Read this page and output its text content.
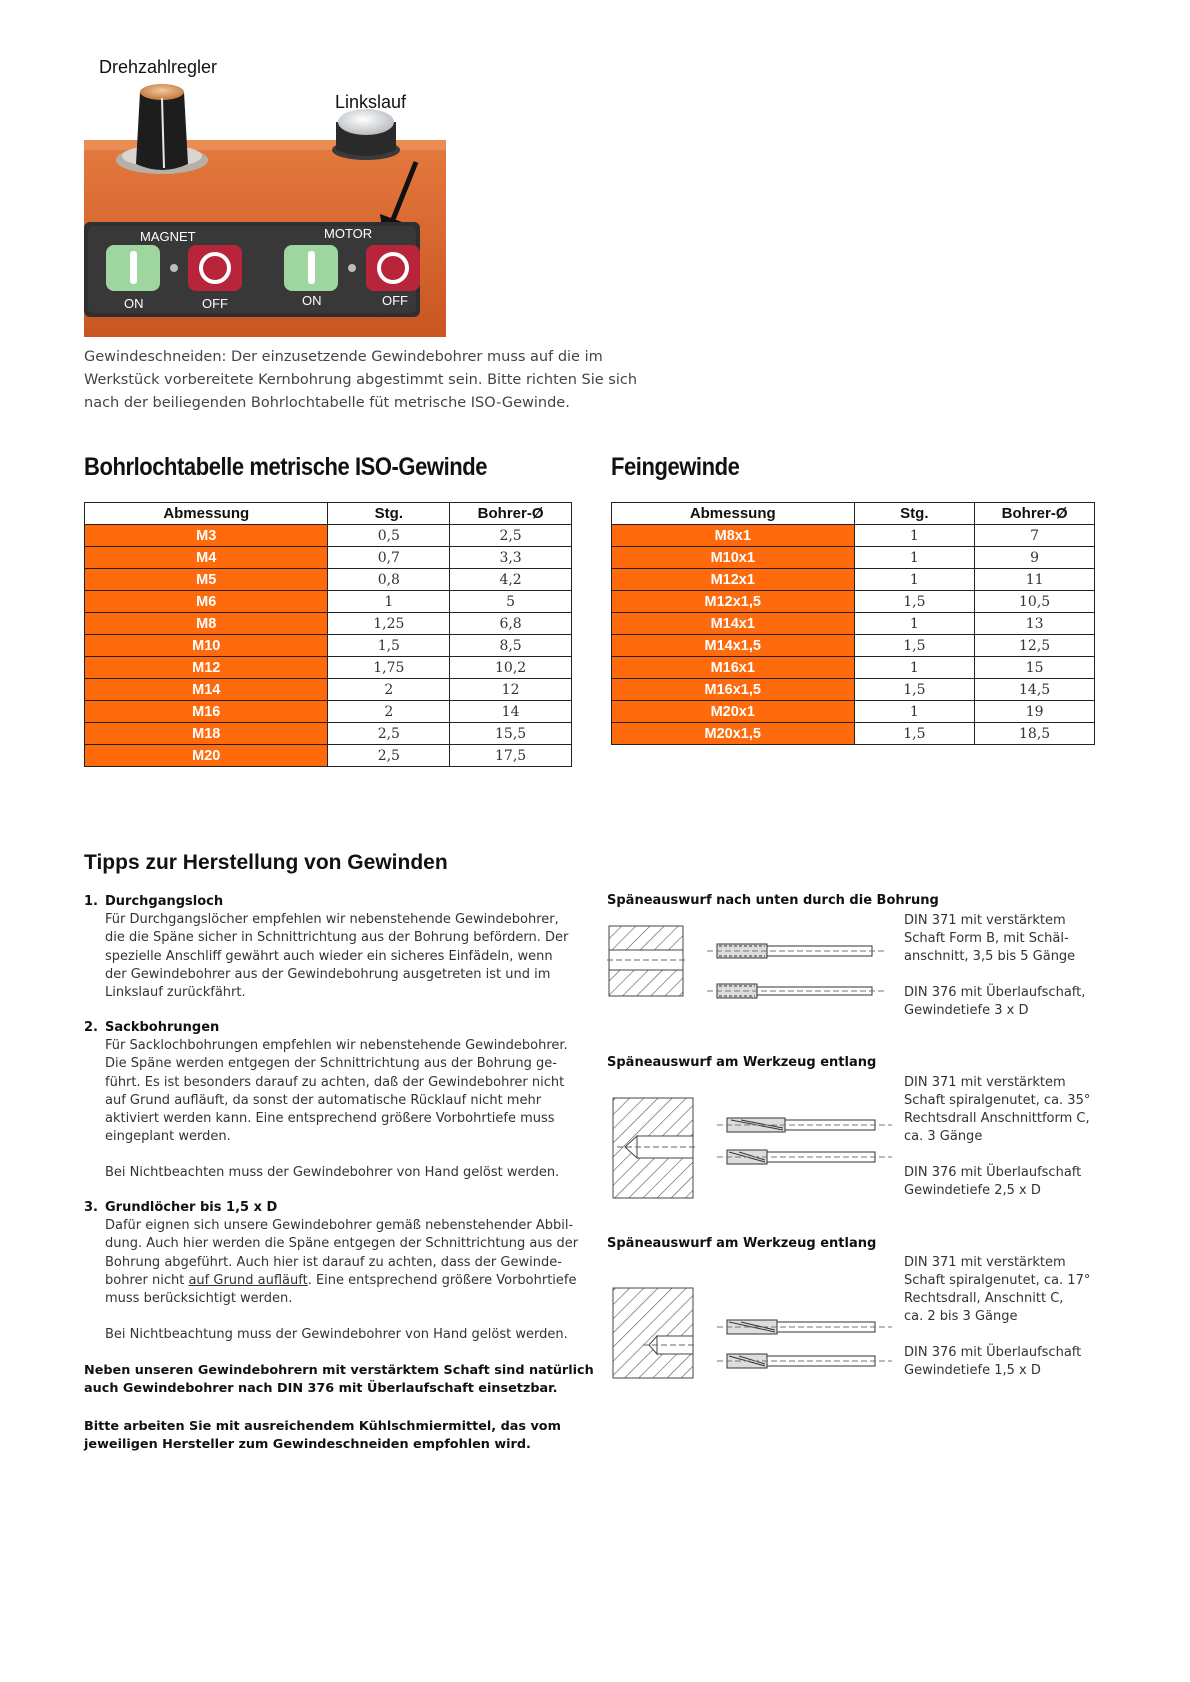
MAGNET	MOTOR
ON	OFF	ON	OFF
Drehzahlregler
Linkslauf
Gewindeschneiden: Der einzusetzende Gewindebohrer muss auf die im
Werkstück vorbereitete Kernbohrung abgestimmt sein. Bitte richten Sie sich
nach der beiliegenden Bohrlochtabelle füt metrische ISO-Gewinde.
Bohrlochtabelle metrische ISO-Gewinde	Feingewinde
Abmessung	Stg.	Bohrer-Ø
M3	0,5	2,5
M4	0,7	3,3
M5	0,8	4,2
M6	1	5
M8	1,25	6,8
M10	1,5	8,5
M12	1,75	10,2
M14	2	12
M16	2	14
M18	2,5	15,5
M20	2,5	17,5
Abmessung	Stg.	Bohrer-Ø
M8x1	1	7
M10x1	1	9
M12x1	1	11
M12x1,5	1,5	10,5
M14x1	1	13
M14x1,5	1,5	12,5
M16x1	1	15
M16x1,5	1,5	14,5
M20x1	1	19
M20x1,5	1,5	18,5
Tipps zur Herstellung von Gewinden
1. Durchgangsloch

Für Durchgangslöcher empfehlen wir nebenstehende Gewindebohrer,

die die Späne sicher in Schnittrichtung aus der Bohrung befördern. Der

spezielle Anschliff gewährt auch wieder ein sicheres Einfädeln, wenn

der Gewindebohrer aus der Gewindebohrung ausgetreten ist und im

Linkslauf zurückfährt.

2. Sackbohrungen

Für Sacklochbohrungen empfehlen wir nebenstehende Gewindebohrer.

Die Späne werden entgegen der Schnittrichtung aus der Bohrung ge-

führt. Es ist besonders darauf zu achten, daß der Gewindebohrer nicht

auf Grund aufläuft, da sonst der automatische Rücklauf nicht mehr

aktiviert werden kann. Eine entsprechend größere Vorbohrtiefe muss

eingeplant werden.

Bei Nichtbeachten muss der Gewindebohrer von Hand gelöst werden.

3. Grundlöcher bis 1,5 x D

Dafür eignen sich unsere Gewindebohrer gemäß nebenstehender Abbil-

dung. Auch hier werden die Späne entgegen der Schnittrichtung aus der

Bohrung abgeführt. Auch hier ist darauf zu achten, dass der Gewinde-

bohrer nicht auf Grund aufläuft. Eine entsprechend größere Vorbohrtiefe

muss berücksichtigt werden.

Bei Nichtbeachtung muss der Gewindebohrer von Hand gelöst werden.

Neben unseren Gewindebohrern mit verstärktem Schaft sind natürlich
auch Gewindebohrer nach DIN 376 mit Überlaufschaft einsetzbar.
Bitte arbeiten Sie mit ausreichendem Kühlschmiermittel, das vom
jeweiligen Hersteller zum Gewindeschneiden empfohlen wird.
Späneauswurf nach unten durch die Bohrung
DIN 371 mit verstärktem
Schaft Form B, mit Schäl-
anschnitt, 3,5 bis 5 Gänge
DIN 376 mit Überlaufschaft,
Gewindetiefe 3 x D
Späneauswurf am Werkzeug entlang
DIN 371 mit verstärktem
Schaft spiralgenutet, ca. 35°
Rechtsdrall Anschnittform C,
ca. 3 Gänge
DIN 376 mit Überlaufschaft
Gewindetiefe 2,5 x D
Späneauswurf am Werkzeug entlang
DIN 371 mit verstärktem
Schaft spiralgenutet, ca. 17°
Rechtsdrall, Anschnitt C,
ca. 2 bis 3 Gänge
DIN 376 mit Überlaufschaft
Gewindetiefe 1,5 x D
